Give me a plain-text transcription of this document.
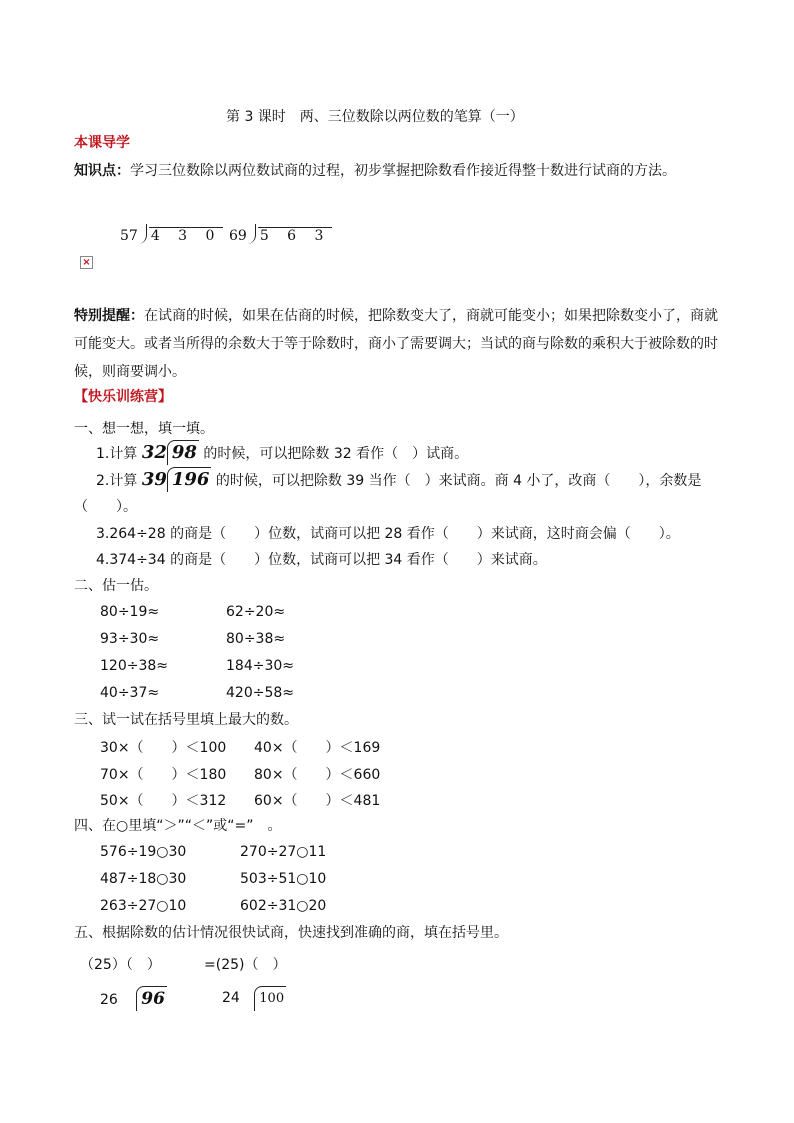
第 3 课时　两、三位数除以两位数的笔算（一）
本课导学
知识点：学习三位数除以两位数试商的过程，初步掌握把除数看作接近得整十数进行试商的方法。
57 4 3 0 69 5 6 3
×
特别提醒：在试商的时候，如果在估商的时候，把除数变大了，商就可能变小；如果把除数变小了，商就可能变大。或者当所得的余数大于等于除数时，商小了需要调大；当试的商与除数的乘积大于被除数的时候，则商要调小。
【快乐训练营】
一、想一想，填一填。
1.计算 32 98 的时候，可以把除数 32 看作（　）试商。
2.计算 39 196 的时候，可以把除数 39 当作（　）来试商。商 4 小了，改商（　　），余数是
（　　）。
3.264÷28 的商是（　　）位数，试商可以把 28 看作（　　）来试商，这时商会偏（　　）。
4.374÷34 的商是（　　）位数，试商可以把 34 看作（　　）来试商。
二、估一估。
80÷19≈	62÷20≈
93÷30≈	80÷38≈
120÷38≈	184÷30≈
40÷37≈	420÷58≈
三、试一试在括号里填上最大的数。
30×（　　）＜100 40×（　　）＜169
70×（　　）＜180 80×（　　）＜660
50×（　　）＜312 60×（　　）＜481
四、在○里填“＞”“＜”或“=”　。
576÷19○30	270÷27○11
487÷18○30	503÷51○10
263÷27○10	602÷31○20
五、根据除数的估计情况很快试商，快速找到准确的商，填在括号里。
（25）（　）	=(25)（　）
26 96	24 100
